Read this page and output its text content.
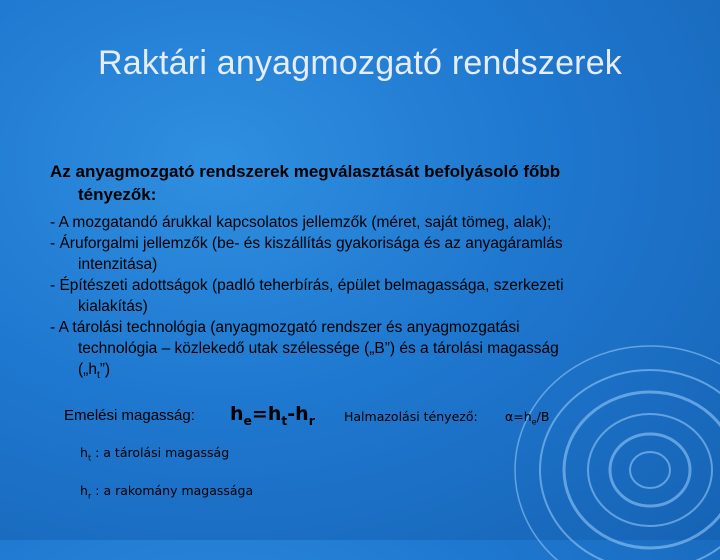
Raktári anyagmozgató rendszerek

Az anyagmozgató rendszerek megválasztását befolyásoló főbb
tényezők:

- A mozgatandó árukkal kapcsolatos jellemzők (méret, saját tömeg, alak);

- Áruforgalmi jellemzők (be- és kiszállítás gyakorisága és az anyagáramlás
intenzitása)

- Építészeti adottságok (padló teherbírás, épület belmagassága, szerkezeti
kialakítás)

- A tárolási technológia (anyagmozgató rendszer és anyagmozgatási
technológia – közlekedő utak szélessége („B”) és a tárolási magasság
$(„h_t”)$

Emelési magasság: $h_e=h_t-h_r$ Halmazolási tényező: $\alpha=h_e/B$
$h_t$ : a tárolási magasság
$h_r$ : a rakomány magassága
